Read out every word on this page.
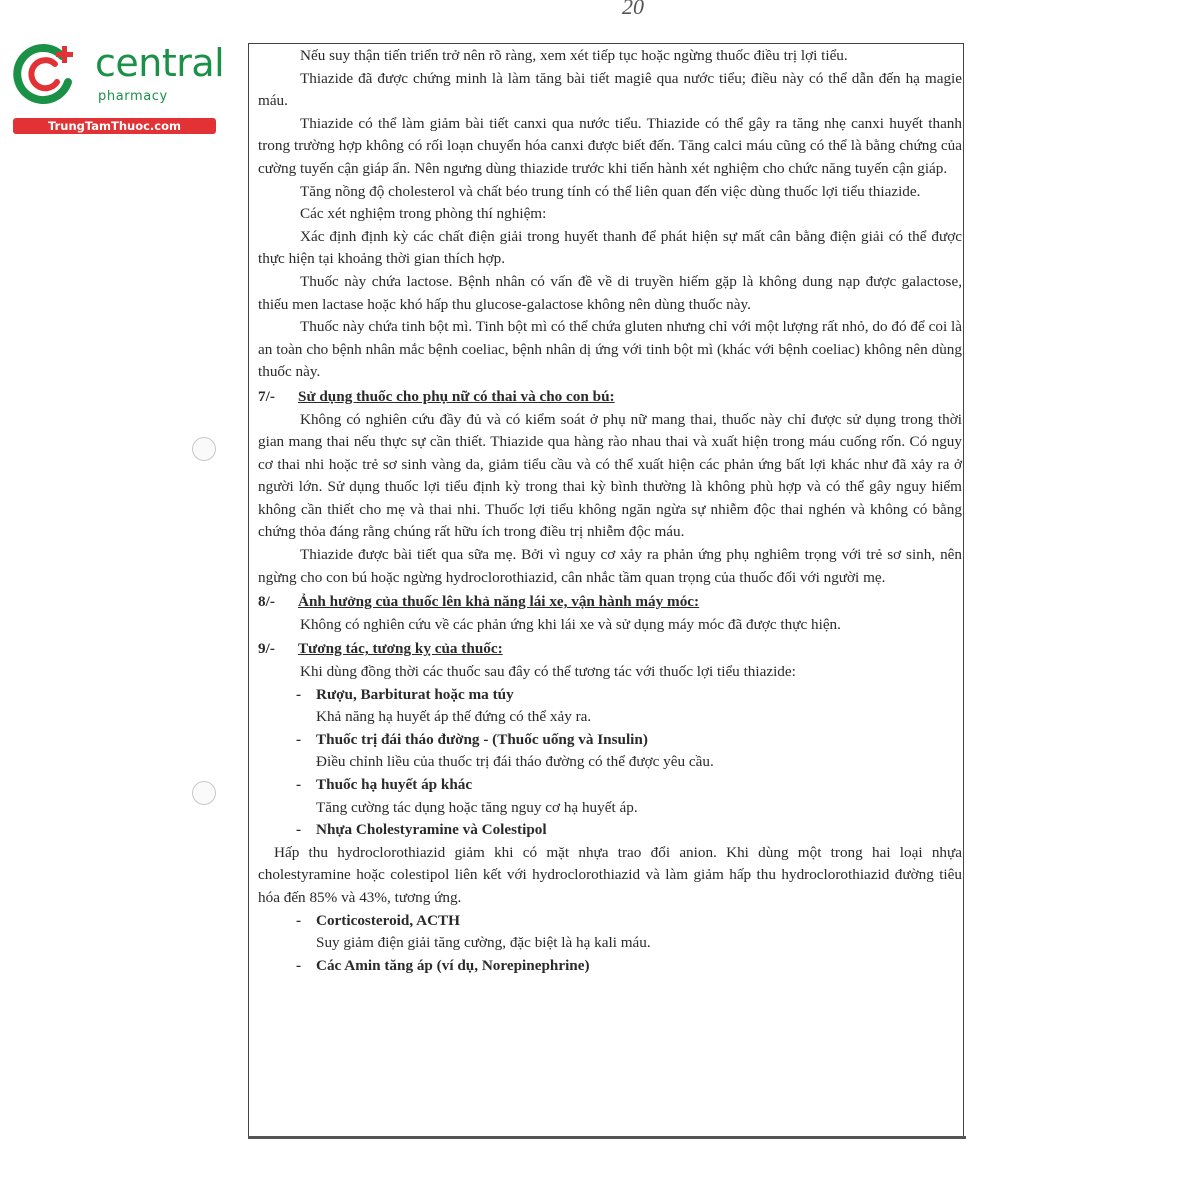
20
central
pharmacy
TrungTamThuoc.com

Nếu suy thận tiến triển trở nên rõ ràng, xem xét tiếp tục hoặc ngừng thuốc điều trị lợi tiểu.

Thiazide đã được chứng minh là làm tăng bài tiết magiê qua nước tiểu; điều này có thể dẫn đến hạ magie máu.

Thiazide có thể làm giảm bài tiết canxi qua nước tiểu. Thiazide có thể gây ra tăng nhẹ canxi huyết thanh trong trường hợp không có rối loạn chuyển hóa canxi được biết đến. Tăng calci máu cũng có thể là bằng chứng của cường tuyến cận giáp ẩn. Nên ngưng dùng thiazide trước khi tiến hành xét nghiệm cho chức năng tuyến cận giáp.

Tăng nồng độ cholesterol và chất béo trung tính có thể liên quan đến việc dùng thuốc lợi tiểu thiazide.

Các xét nghiệm trong phòng thí nghiệm:

Xác định định kỳ các chất điện giải trong huyết thanh để phát hiện sự mất cân bằng điện giải có thể được thực hiện tại khoảng thời gian thích hợp.

Thuốc này chứa lactose. Bệnh nhân có vấn đề về di truyền hiếm gặp là không dung nạp được galactose, thiếu men lactase hoặc khó hấp thu glucose-galactose không nên dùng thuốc này.

Thuốc này chứa tinh bột mì. Tinh bột mì có thể chứa gluten nhưng chỉ với một lượng rất nhỏ, do đó để coi là an toàn cho bệnh nhân mắc bệnh coeliac, bệnh nhân dị ứng với tinh bột mì (khác với bệnh coeliac) không nên dùng thuốc này.

7/-	Sử dụng thuốc cho phụ nữ có thai và cho con bú:

Không có nghiên cứu đầy đủ và có kiểm soát ở phụ nữ mang thai, thuốc này chỉ được sử dụng trong thời gian mang thai nếu thực sự cần thiết. Thiazide qua hàng rào nhau thai và xuất hiện trong máu cuống rốn. Có nguy cơ thai nhi hoặc trẻ sơ sinh vàng da, giảm tiểu cầu và có thể xuất hiện các phản ứng bất lợi khác như đã xảy ra ở người lớn. Sử dụng thuốc lợi tiểu định kỳ trong thai kỳ bình thường là không phù hợp và có thể gây nguy hiểm không cần thiết cho mẹ và thai nhi. Thuốc lợi tiểu không ngăn ngừa sự nhiễm độc thai nghén và không có bằng chứng thỏa đáng rằng chúng rất hữu ích trong điều trị nhiễm độc máu.

Thiazide được bài tiết qua sữa mẹ. Bởi vì nguy cơ xảy ra phản ứng phụ nghiêm trọng với trẻ sơ sinh, nên ngừng cho con bú hoặc ngừng hydroclorothiazid, cân nhắc tầm quan trọng của thuốc đối với người mẹ.

8/-	Ảnh hưởng của thuốc lên khả năng lái xe, vận hành máy móc:

Không có nghiên cứu về các phản ứng khi lái xe và sử dụng máy móc đã được thực hiện.

9/-	Tương tác, tương kỵ của thuốc:

Khi dùng đồng thời các thuốc sau đây có thể tương tác với thuốc lợi tiểu thiazide:

- Rượu, Barbiturat hoặc ma túy
Khả năng hạ huyết áp thế đứng có thể xảy ra.
- Thuốc trị đái tháo đường - (Thuốc uống và Insulin)
Điều chỉnh liều của thuốc trị đái tháo đường có thể được yêu cầu.
- Thuốc hạ huyết áp khác
Tăng cường tác dụng hoặc tăng nguy cơ hạ huyết áp.
- Nhựa Cholestyramine và Colestipol

Hấp thu hydroclorothiazid giảm khi có mặt nhựa trao đổi anion. Khi dùng một trong hai loại nhựa cholestyramine hoặc colestipol liên kết với hydroclorothiazid và làm giảm hấp thu hydroclorothiazid đường tiêu hóa đến 85% và 43%, tương ứng.

- Corticosteroid, ACTH
Suy giảm điện giải tăng cường, đặc biệt là hạ kali máu.
- Các Amin tăng áp (ví dụ, Norepinephrine)
